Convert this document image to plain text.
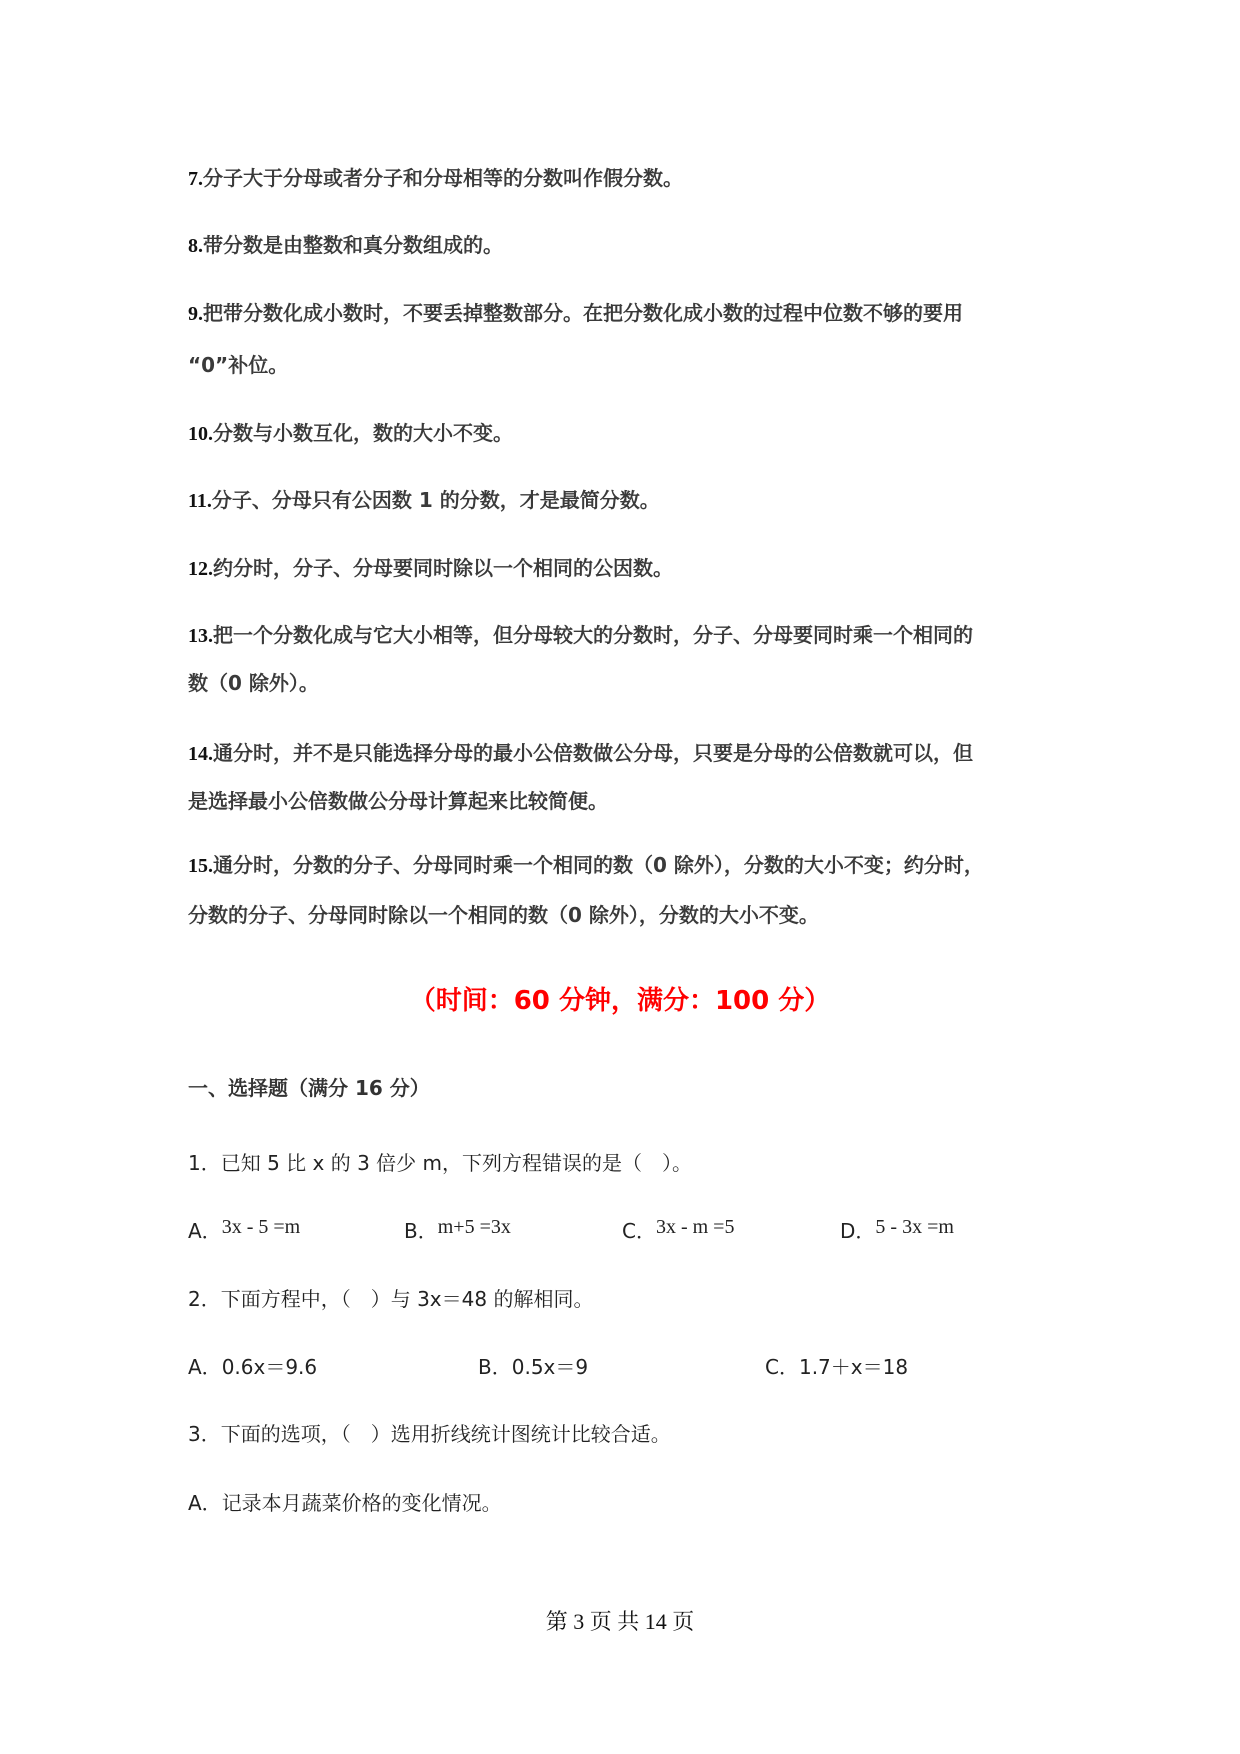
7.分子大于分母或者分子和分母相等的分数叫作假分数。
8.带分数是由整数和真分数组成的。
9.把带分数化成小数时，不要丢掉整数部分。在把分数化成小数的过程中位数不够的要用
“0”补位。
10.分数与小数互化，数的大小不变。
11.分子、分母只有公因数 1 的分数，才是最简分数。
12.约分时，分子、分母要同时除以一个相同的公因数。
13.把一个分数化成与它大小相等，但分母较大的分数时，分子、分母要同时乘一个相同的
数（0 除外）。
14.通分时，并不是只能选择分母的最小公倍数做公分母，只要是分母的公倍数就可以，但
是选择最小公倍数做公分母计算起来比较简便。
15.通分时，分数的分子、分母同时乘一个相同的数（0 除外），分数的大小不变；约分时，
分数的分子、分母同时除以一个相同的数（0 除外），分数的大小不变。
（时间：60 分钟，满分：100 分）
一、选择题（满分 16 分）
1．已知 5 比 x 的 3 倍少 m，下列方程错误的是（　）。
A．3x - 5 =m	B．m+5 =3x	C．3x - m =5	D．5 - 3x =m
2．下面方程中，（　）与 3x＝48 的解相同。
A．0.6x＝9.6	B．0.5x＝9	C．1.7＋x＝18
3．下面的选项，（　）选用折线统计图统计比较合适。
A．记录本月蔬菜价格的变化情况。
第 3 页 共 14 页
